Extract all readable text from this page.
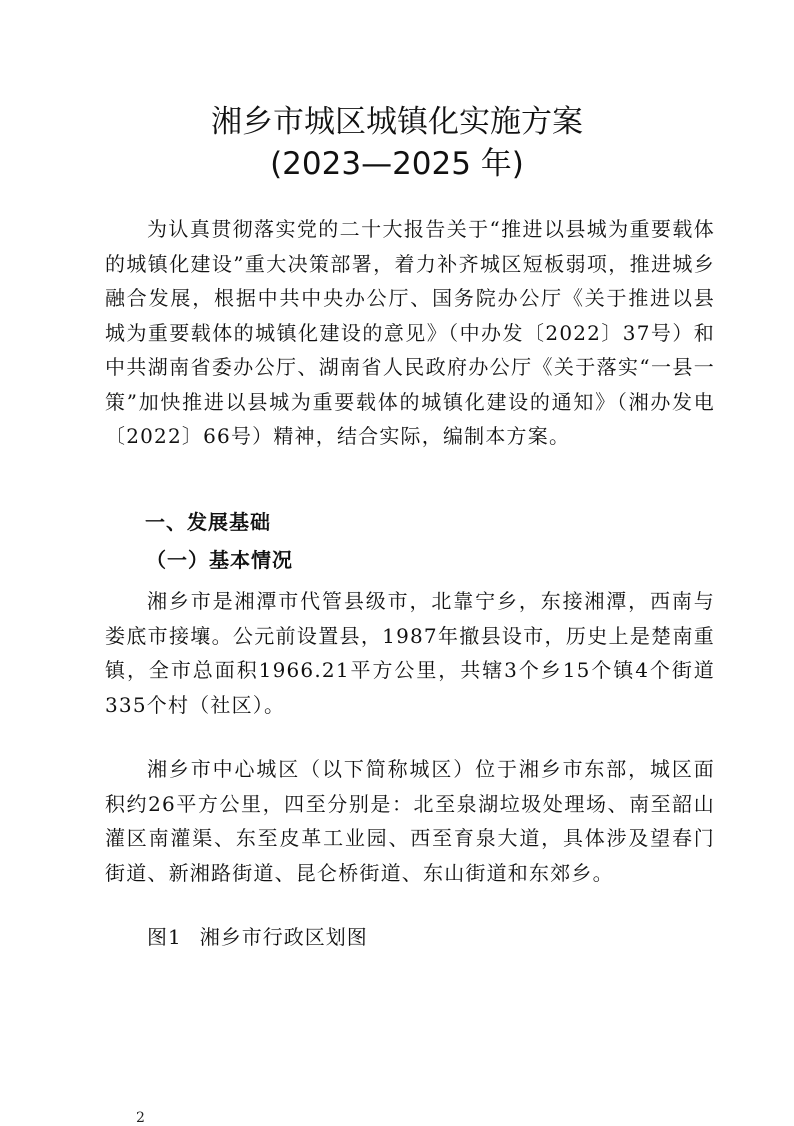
湘乡市城区城镇化实施方案
(2023—2025 年)

为认真贯彻落实党的二十大报告关于“推进以县城为重要载体的城镇化建设”重大决策部署，着力补齐城区短板弱项，推进城乡融合发展，根据中共中央办公厅、国务院办公厅《关于推进以县城为重要载体的城镇化建设的意见》（中办发〔2022〕37号）和中共湖南省委办公厅、湖南省人民政府办公厅《关于落实“一县一策”加快推进以县城为重要载体的城镇化建设的通知》（湘办发电〔2022〕66号）精神，结合实际，编制本方案。

一、发展基础

（一）基本情况

湘乡市是湘潭市代管县级市，北靠宁乡，东接湘潭，西南与娄底市接壤。公元前设置县，1987年撤县设市，历史上是楚南重镇，全市总面积1966.21平方公里，共辖3个乡15个镇4个街道335个村（社区）。

湘乡市中心城区（以下简称城区）位于湘乡市东部，城区面积约26平方公里，四至分别是：北至泉湖垃圾处理场、南至韶山灌区南灌渠、东至皮革工业园、西至育泉大道，具体涉及望春门街道、新湘路街道、昆仑桥街道、东山街道和东郊乡。

图1 湘乡市行政区划图

2
